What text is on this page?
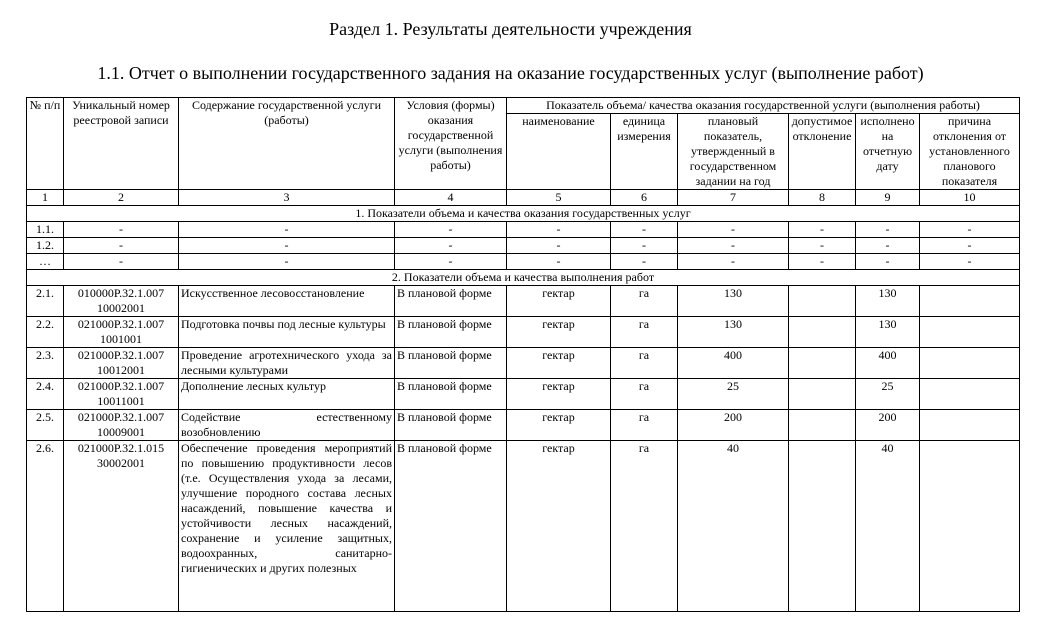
Раздел 1. Результаты деятельности учреждения
1.1. Отчет о выполнении государственного задания на оказание государственных услуг (выполнение работ)
№ п/п	Уникальный номер реестровой записи	Содержание государственной услуги (работы)	Условия (формы) оказания государственной услуги (выполнения работы)	Показатель объема/ качества оказания государственной услуги (выполнения работы)					
				наименование	единица измерения	плановый показатель, утвержденный в государственном задании на год	допустимое отклонение	исполнено на отчетную дату	причина отклонения от установленного планового показателя
1	2	3	4	5	6	7	8	9	10
1. Показатели объема и качества оказания государственных услуг									
1.1.	-	-	-	-	-	-	-	-	-
1.2.	-	-	-	-	-	-	-	-	-
…	-	-	-	-	-	-	-	-	-
2. Показатели объема и качества выполнения работ									
2.1.	010000Р.32.1.007 10002001	Искусственное лесовосстановление	В плановой форме	гектар	га	130		130	
2.2.	021000Р.32.1.007 1001001	Подготовка почвы под лесные культуры	В плановой форме	гектар	га	130		130	
2.3.	021000Р.32.1.007 10012001	Проведение агротехнического ухода за лесными культурами	В плановой форме	гектар	га	400		400	
2.4.	021000Р.32.1.007 10011001	Дополнение лесных культур	В плановой форме	гектар	га	25		25	
2.5.	021000Р.32.1.007 10009001	Содействие естественному возобновлению	В плановой форме	гектар	га	200		200	
2.6.	021000Р.32.1.015 30002001	Обеспечение проведения мероприятий по повышению продуктивности лесов (т.е. Осуществления ухода за лесами, улучшение породного состава лесных насаждений, повышение качества и устойчивости лесных насаждений, сохранение и усиление защитных, водоохранных, санитарно-гигиенических и других полезных	В плановой форме	гектар	га	40		40	
